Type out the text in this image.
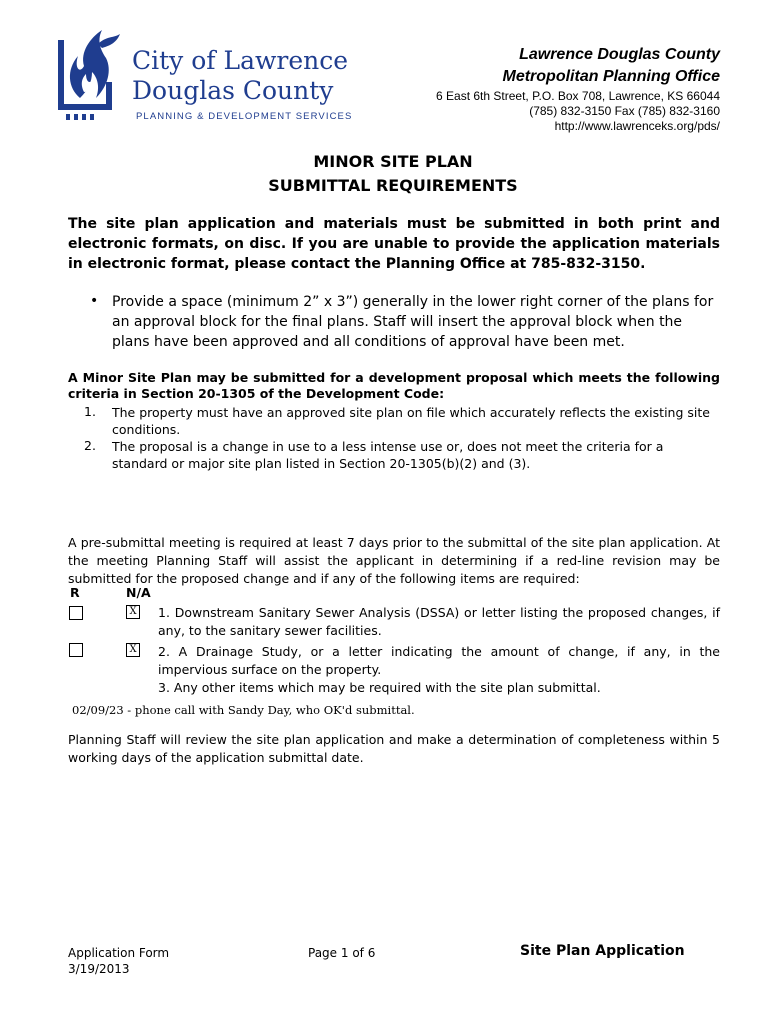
City of Lawrence
Douglas County
PLANNING & DEVELOPMENT SERVICES
Lawrence Douglas County
Metropolitan Planning Office
6 East 6th Street, P.O. Box 708, Lawrence, KS 66044
(785) 832-3150 Fax (785) 832-3160
http://www.lawrenceks.org/pds/
MINOR SITE PLAN
SUBMITTAL REQUIREMENTS
The site plan application and materials must be submitted in both print and electronic formats, on disc. If you are unable to provide the application materials in electronic format, please contact the Planning Office at 785-832-3150.
• Provide a space (minimum 2” x 3”) generally in the lower right corner of the plans for an approval block for the final plans. Staff will insert the approval block when the plans have been approved and all conditions of approval have been met.
A Minor Site Plan may be submitted for a development proposal which meets the following criteria in Section 20-1305 of the Development Code:
1. The property must have an approved site plan on file which accurately reflects the existing site conditions.
2. The proposal is a change in use to a less intense use or, does not meet the criteria for a standard or major site plan listed in Section 20-1305(b)(2) and (3).
A pre-submittal meeting is required at least 7 days prior to the submittal of the site plan application. At the meeting Planning Staff will assist the applicant in determining if a red-line revision may be submitted for the proposed change and if any of the following items are required:
R	N/A
X 1. Downstream Sanitary Sewer Analysis (DSSA) or letter listing the proposed changes, if any, to the sanitary sewer facilities.
X 2. A Drainage Study, or a letter indicating the amount of change, if any, in the impervious surface on the property.
3. Any other items which may be required with the site plan submittal.
02/09/23 - phone call with Sandy Day, who OK'd submittal.
Planning Staff will review the site plan application and make a determination of completeness within 5 working days of the application submittal date.
Application Form
3/19/2013
Page 1 of 6	Site Plan Application
